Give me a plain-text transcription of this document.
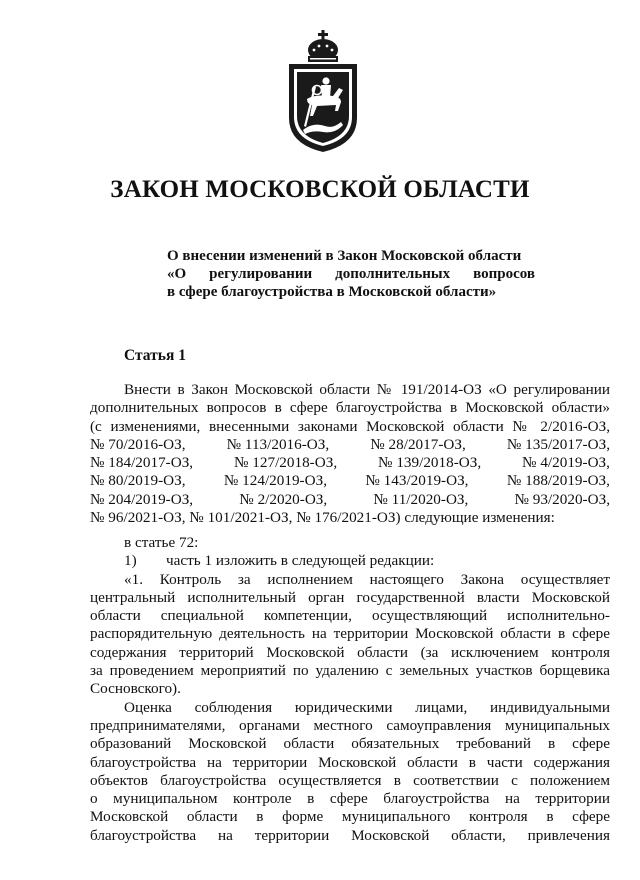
ЗАКОН МОСКОВСКОЙ ОБЛАСТИ
О внесении изменений в Закон Московской области
«О регулировании дополнительных вопросов
в сфере благоустройства в Московской области»
Статья 1
Внести в Закон Московской области № 191/2014-ОЗ «О регулировании
дополнительных вопросов в сфере благоустройства в Московской области»
(с изменениями, внесенными законами Московской области № 2/2016-ОЗ,
№ 70/2016-ОЗ,	№ 113/2016-ОЗ,	№ 28/2017-ОЗ,	№ 135/2017-ОЗ,
№ 184/2017-ОЗ,	№ 127/2018-ОЗ,	№ 139/2018-ОЗ,	№ 4/2019-ОЗ,
№ 80/2019-ОЗ,	№ 124/2019-ОЗ,	№ 143/2019-ОЗ,	№ 188/2019-ОЗ,
№ 204/2019-ОЗ,	№ 2/2020-ОЗ,	№ 11/2020-ОЗ,	№ 93/2020-ОЗ,
№ 96/2021-ОЗ, № 101/2021-ОЗ, № 176/2021-ОЗ) следующие изменения:
в статье 72:
1) часть 1 изложить в следующей редакции:
«1. Контроль за исполнением настоящего Закона осуществляет
центральный исполнительный орган государственной власти Московской
области специальной компетенции, осуществляющий исполнительно-
распорядительную деятельность на территории Московской области в сфере
содержания территорий Московской области (за исключением контроля
за проведением мероприятий по удалению с земельных участков борщевика
Сосновского).
Оценка соблюдения юридическими лицами, индивидуальными
предпринимателями, органами местного самоуправления муниципальных
образований Московской области обязательных требований в сфере
благоустройства на территории Московской области в части содержания
объектов благоустройства осуществляется в соответствии с положением
о муниципальном контроле в сфере благоустройства на территории
Московской области в форме муниципального контроля в сфере
благоустройства на территории Московской области, привлечения
